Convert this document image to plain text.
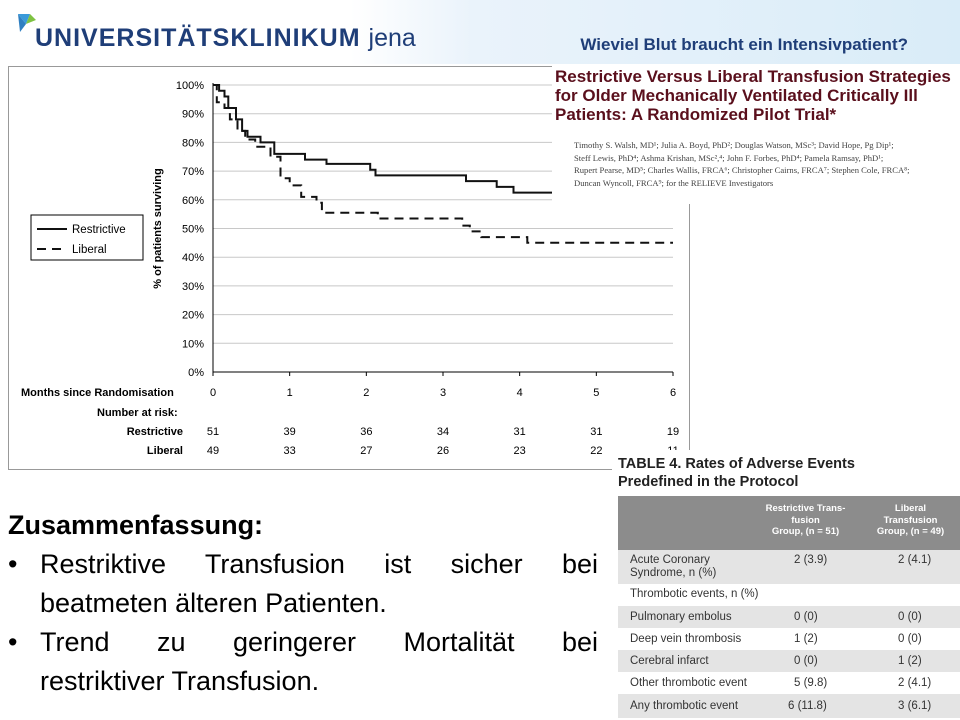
UNIVERSITÄTSKLINIKUM jena	Wieviel Blut braucht ein Intensivpatient?
0%
10%
20%
30%
40%
50%
60%
70%
80%
90%
100%
0	1	2	3	4	5	6
Months since Randomisation
% of patients surviving
Restrictive
Liberal
Number at risk:
Restrictive 51	39	36	34	31	31	19
Liberal 49	33	27	26	23	22
Restrictive Versus Liberal Transfusion Strategies
for Older Mechanically Ventilated Critically Ill
Patients: A Randomized Pilot Trial*
Timothy S. Walsh, MD¹; Julia A. Boyd, PhD²; Douglas Watson, MSc³; David Hope, Pg Dip¹;
Steff Lewis, PhD⁴; Ashma Krishan, MSc²,⁴; John F. Forbes, PhD⁴; Pamela Ramsay, PhD¹;
Rupert Pearse, MD⁵; Charles Wallis, FRCA⁶; Christopher Cairns, FRCA⁷; Stephen Cole, FRCA⁸;
Duncan Wyncoll, FRCA⁹; for the RELIEVE Investigators
Zusammenfassung:
• Restriktive Transfusion ist sicher bei
beatmeten älteren Patienten.
• Trend zu geringerer Mortalität bei
restriktiver Transfusion.
TABLE 4. Rates of Adverse Events
Predefined in the Protocol
Restrictive Trans-
fusion
Group, (n = 51)
Liberal
Transfusion
Group, (n = 49)
Acute Coronary
Syndrome, n (%)
2 (3.9)	2 (4.1)
Thrombotic events, n (%)
Pulmonary embolus	0 (0)	0 (0)
Deep vein thrombosis	1 (2)	0 (0)
Cerebral infarct	0 (0)	1 (2)
Other thrombotic event	5 (9.8)	2 (4.1)
Any thrombotic event	6 (11.8)	3 (6.1)
